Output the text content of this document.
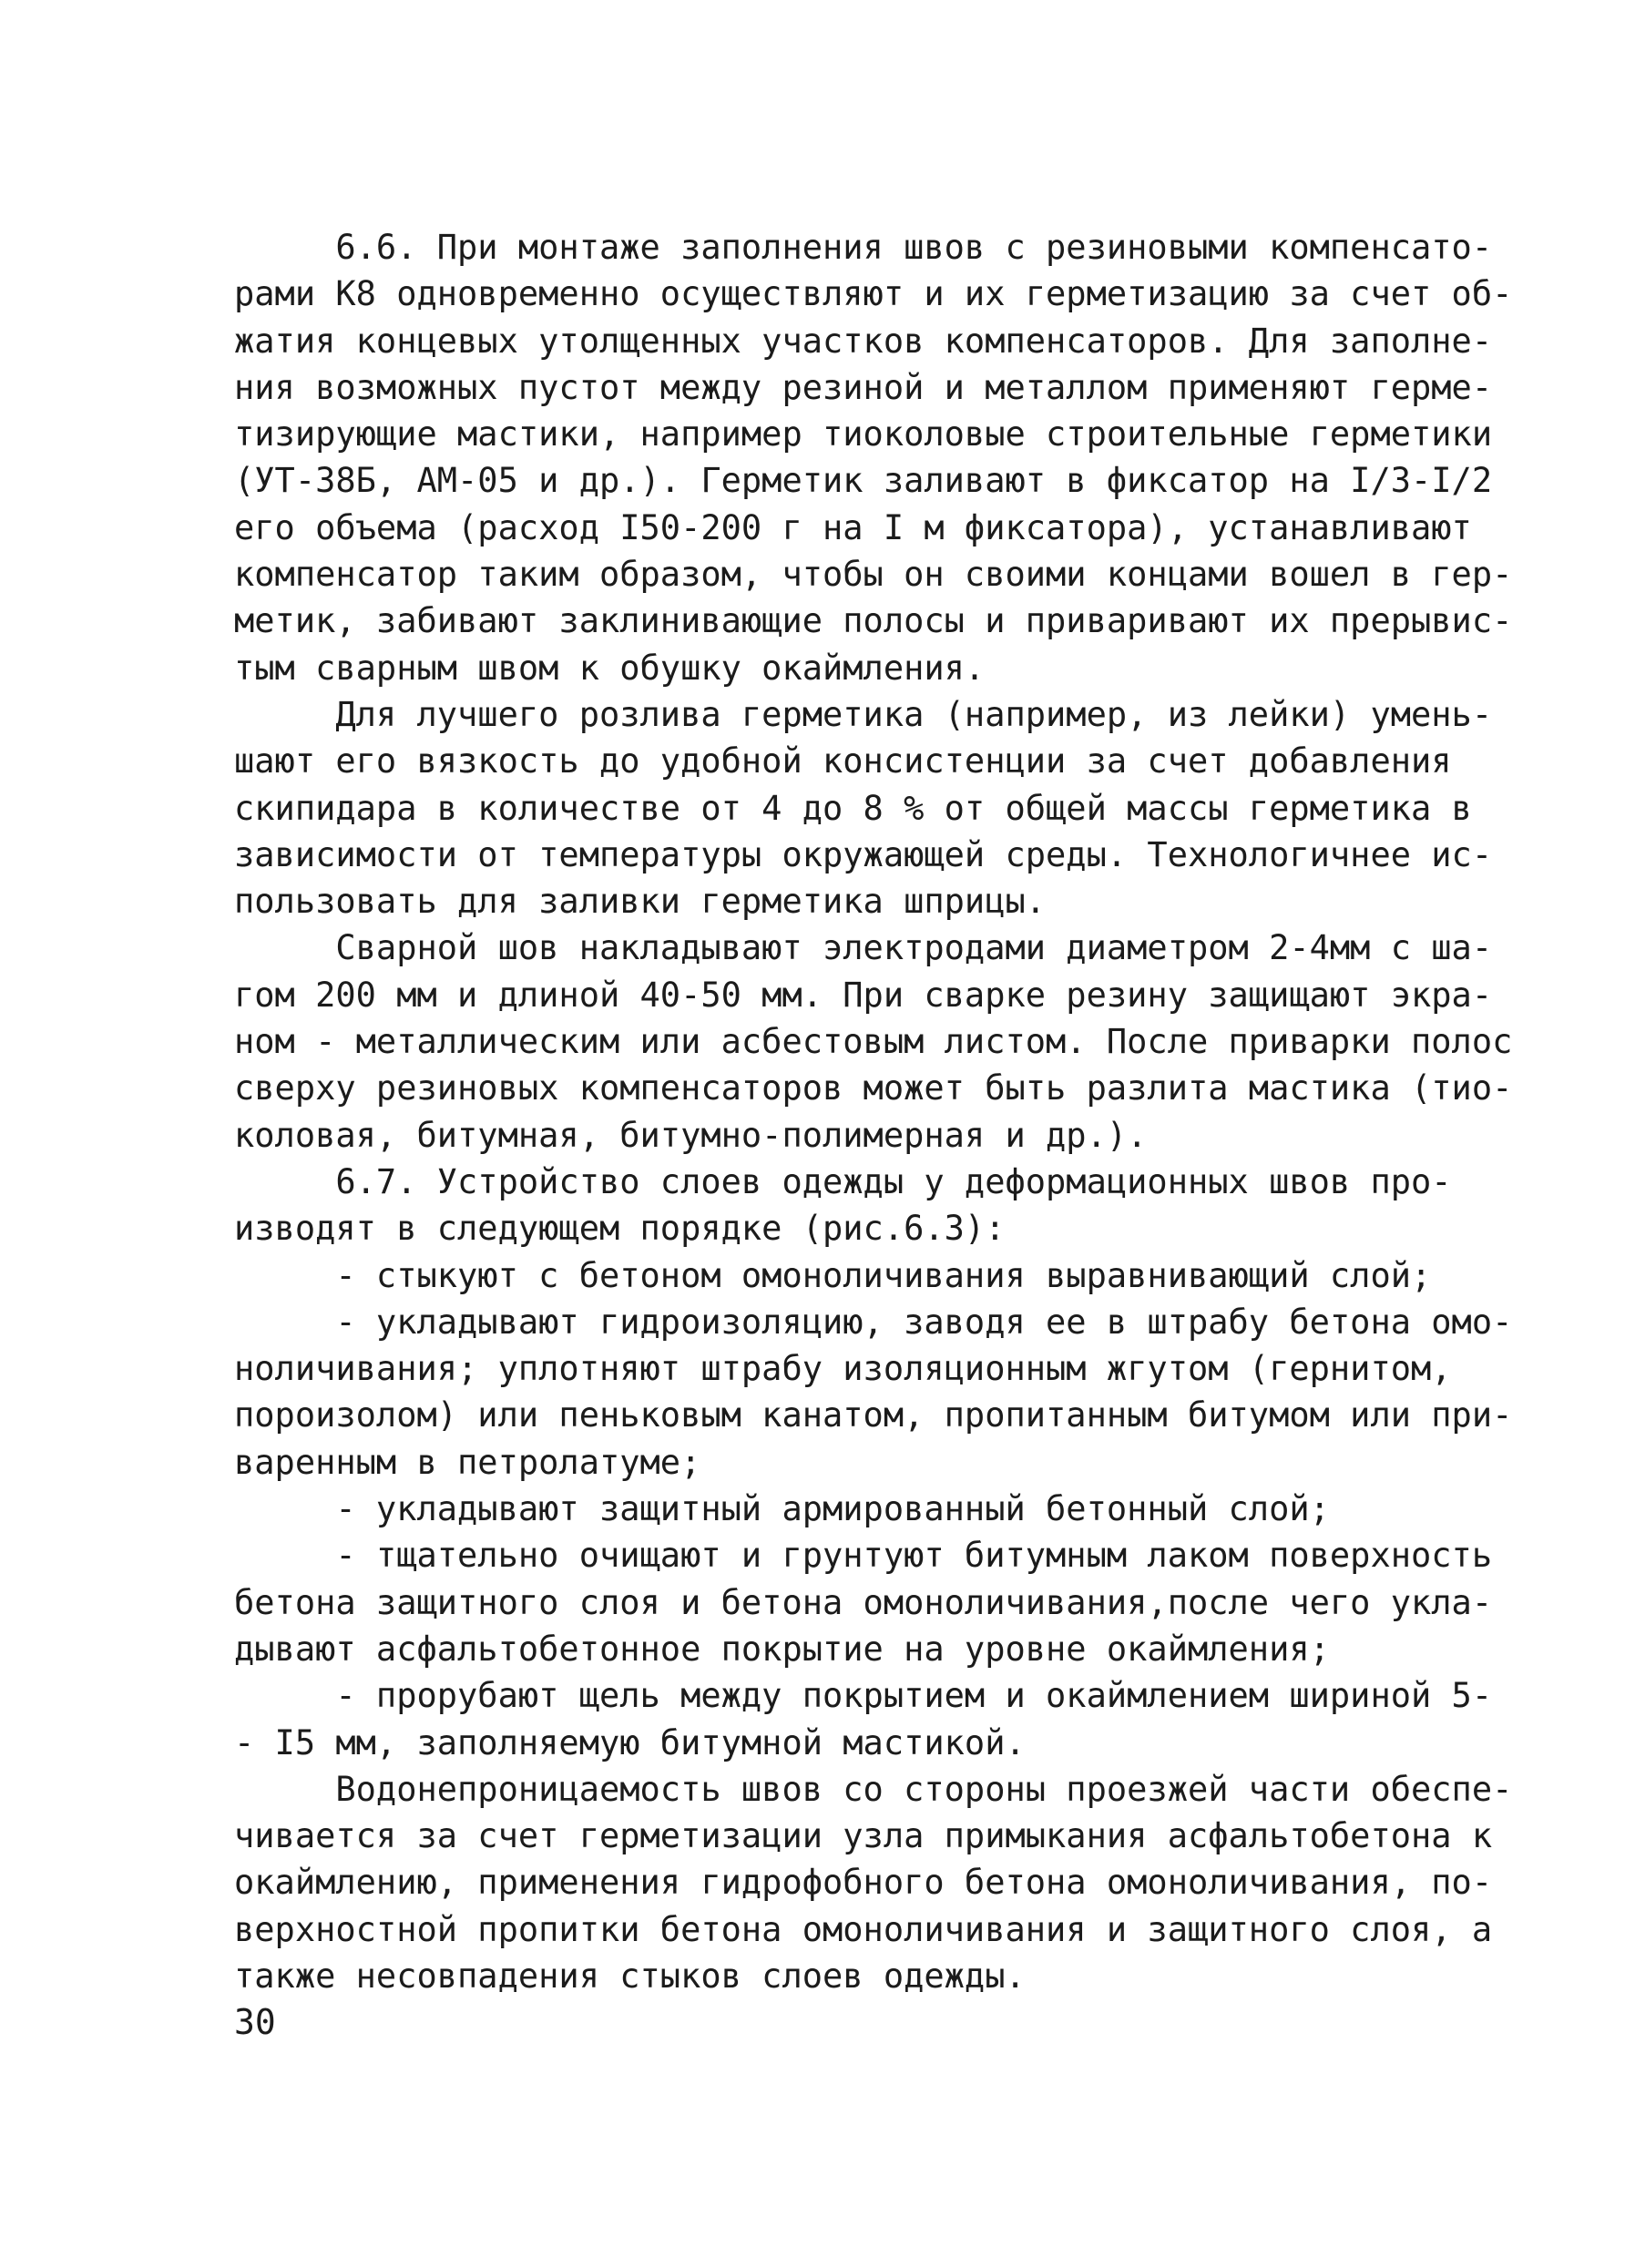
6.6. При монтаже заполнения швов с резиновыми компенсато-
рами К8 одновременно осуществляют и их герметизацию за счет об-
жатия концевых утолщенных участков компенсаторов. Для заполне-
ния возможных пустот между резиной и металлом применяют герме-
тизирующие мастики, например тиоколовые строительные герметики
(УТ-38Б, АМ-05 и др.). Герметик заливают в фиксатор на I/3-I/2
его объема (расход I50-200 г на I м фиксатора), устанавливают
компенсатор таким образом, чтобы он своими концами вошел в гер-
метик, забивают заклинивающие полосы и приваривают их прерывис-
тым сварным швом к обушку окаймления.
Для лучшего розлива герметика (например, из лейки) умень-
шают его вязкость до удобной консистенции за счет добавления
скипидара в количестве от 4 до 8 % от общей массы герметика в
зависимости от температуры окружающей среды. Технологичнее ис-
пользовать для заливки герметика шприцы.
Сварной шов накладывают электродами диаметром 2-4мм с ша-
гом 200 мм и длиной 40-50 мм. При сварке резину защищают экра-
ном - металлическим или асбестовым листом. После приварки полос
сверху резиновых компенсаторов может быть разлита мастика (тио-
коловая, битумная, битумно-полимерная и др.).
6.7. Устройство слоев одежды у деформационных швов про-
изводят в следующем порядке (рис.6.3):
- стыкуют с бетоном омоноличивания выравнивающий слой;
- укладывают гидроизоляцию, заводя ее в штрабу бетона омо-
ноличивания; уплотняют штрабу изоляционным жгутом (гернитом,
пороизолом) или пеньковым канатом, пропитанным битумом или при-
варенным в петролатуме;
- укладывают защитный армированный бетонный слой;
- тщательно очищают и грунтуют битумным лаком поверхность
бетона защитного слоя и бетона омоноличивания,после чего укла-
дывают асфальтобетонное покрытие на уровне окаймления;
- прорубают щель между покрытием и окаймлением шириной 5-
- I5 мм, заполняемую битумной мастикой.
Водонепроницаемость швов со стороны проезжей части обеспе-
чивается за счет герметизации узла примыкания асфальтобетона к
окаймлению, применения гидрофобного бетона омоноличивания, по-
верхностной пропитки бетона омоноличивания и защитного слоя, а
также несовпадения стыков слоев одежды.
30
